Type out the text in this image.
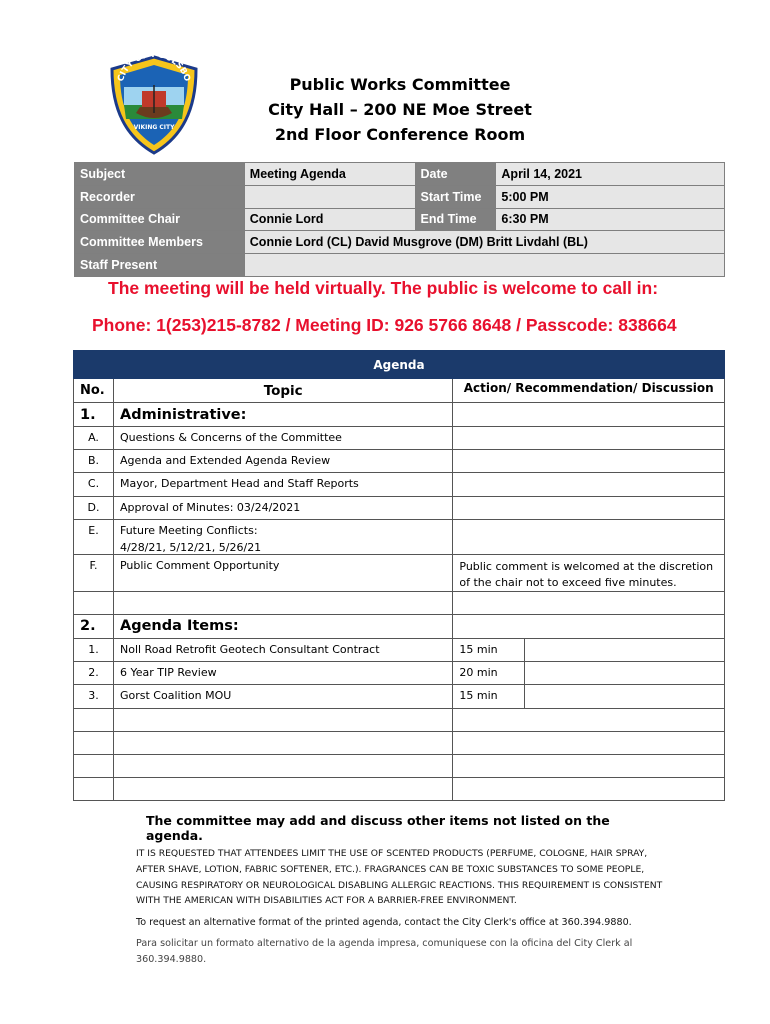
CITY OF POULSBO
VIKING CITY
Public Works Committee
City Hall – 200 NE Moe Street
2nd Floor Conference Room
Subject	Meeting Agenda	Date	April 14, 2021
Recorder		Start Time	5:00 PM
Committee Chair	Connie Lord	End Time	6:30 PM
Committee Members	Connie Lord (CL) David Musgrove (DM) Britt Livdahl (BL)		
Staff Present			
The meeting will be held virtually. The public is welcome to call in:
Phone: 1(253)215-8782 / Meeting ID: 926 5766 8648 / Passcode: 838664
Agenda			
No.	Topic	Action/ Recommendation/ Discussion	
1.	Administrative:		
A.	Questions & Concerns of the Committee		
B.	Agenda and Extended Agenda Review		
C.	Mayor, Department Head and Staff Reports		
D.	Approval of Minutes: 03/24/2021		
E.	Future Meeting Conflicts:
4/28/21, 5/12/21, 5/26/21		

F.	Public Comment Opportunity	Public comment is welcomed at the discretion of the chair not to exceed five minutes.	

2.	Agenda Items:		
1.	Noll Road Retrofit Geotech Consultant Contract	15 min	
2.	6 Year TIP Review	20 min	
3.	Gorst Coalition MOU	15 min	

The committee may add and discuss other items not listed on the agenda.
IT IS REQUESTED THAT ATTENDEES LIMIT THE USE OF SCENTED PRODUCTS (PERFUME, COLOGNE, HAIR SPRAY, AFTER SHAVE, LOTION, FABRIC SOFTENER, ETC.). FRAGRANCES CAN BE TOXIC SUBSTANCES TO SOME PEOPLE, CAUSING RESPIRATORY OR NEUROLOGICAL DISABLING ALLERGIC REACTIONS. THIS REQUIREMENT IS CONSISTENT WITH THE AMERICAN WITH DISABILITIES ACT FOR A BARRIER-FREE ENVIRONMENT.
To request an alternative format of the printed agenda, contact the City Clerk's office at 360.394.9880.
Para solicitar un formato alternativo de la agenda impresa, comuniquese con la oficina del City Clerk al 360.394.9880.
